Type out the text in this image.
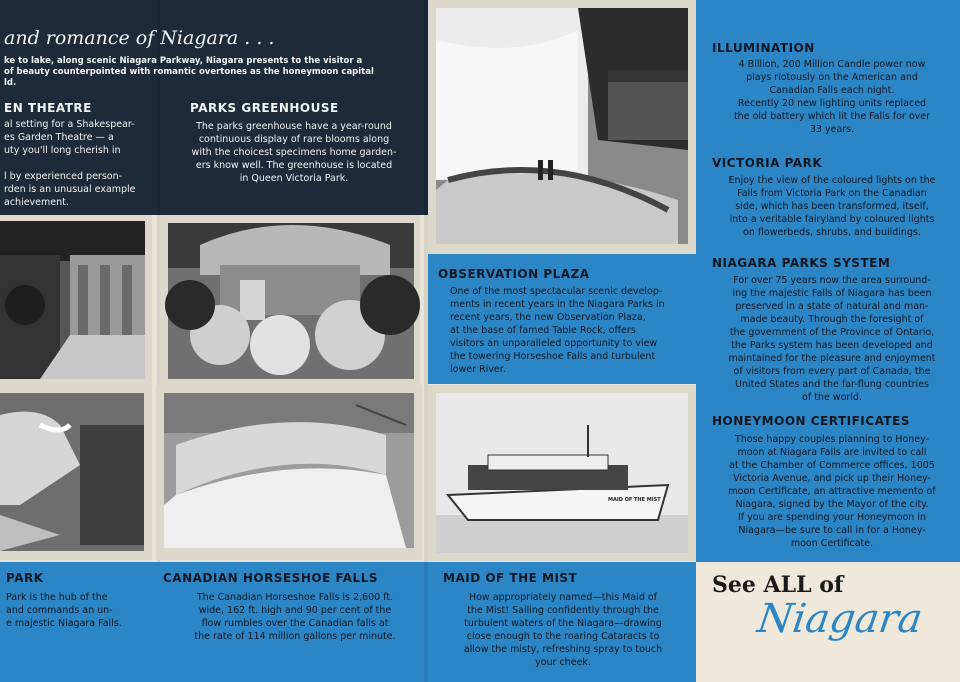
and romance of Niagara . . .
ke to lake, along scenic Niagara Parkway, Niagara presents to the visitor a
of beauty counterpointed with romantic overtones as the honeymoon capital
ld.
EN THEATRE
al setting for a Shakespear-
es Garden Theatre — a
uty you'll long cherish in
l by experienced person-
rden is an unusual example
achievement.
PARKS GREENHOUSE
The parks greenhouse have a year-round
continuous display of rare blooms along
with the choicest specimens home garden-
ers know well. The greenhouse is located
in Queen Victoria Park.
OBSERVATION PLAZA
One of the most spectacular scenic develop-
ments in recent years in the Niagara Parks in
recent years, the new Observation Plaza,
at the base of famed Table Rock, offers
visitors an unparalleled opportunity to view
the towering Horseshoe Falls and turbulent
lower River.
ILLUMINATION
4 Billion, 200 Million Candle power now
plays riotously on the American and
Canadian Falls each night.
Recently 20 new lighting units replaced
the old battery which lit the Falls for over
33 years.
VICTORIA PARK
Enjoy the view of the coloured lights on the
Falls from Victoria Park on the Canadian
side, which has been transformed, itself,
into a veritable fairyland by coloured lights
on flowerbeds, shrubs, and buildings.
NIAGARA PARKS SYSTEM
For over 75 years now the area surround-
ing the majestic Falls of Niagara has been
preserved in a state of natural and man-
made beauty. Through the foresight of
the government of the Province of Ontario,
the Parks system has been developed and
maintained for the pleasure and enjoyment
of visitors from every part of Canada, the
United States and the far-flung countries
of the world.
HONEYMOON CERTIFICATES
Those happy couples planning to Honey-
moon at Niagara Falls are invited to call
at the Chamber of Commerce offices, 1005
Victoria Avenue, and pick up their Honey-
moon Certificate, an attractive memento of
Niagara, signed by the Mayor of the city.
If you are spending your Honeymoon in
Niagara—be sure to call in for a Honey-
moon Certificate.
MAID OF THE MIST
PARK
Park is the hub of the
and commands an un-
e majestic Niagara Falls.
CANADIAN HORSESHOE FALLS
The Canadian Horseshoe Falls is 2,600 ft.
wide, 162 ft. high and 90 per cent of the
flow rumbles over the Canadian falls at
the rate of 114 million gallons per minute.
MAID OF THE MIST
How appropriately named—this Maid of
the Mist! Sailing confidently through the
turbulent waters of the Niagara—drawing
close enough to the roaring Cataracts to
allow the misty, refreshing spray to touch
your cheek.
See ALL of
Niagara
